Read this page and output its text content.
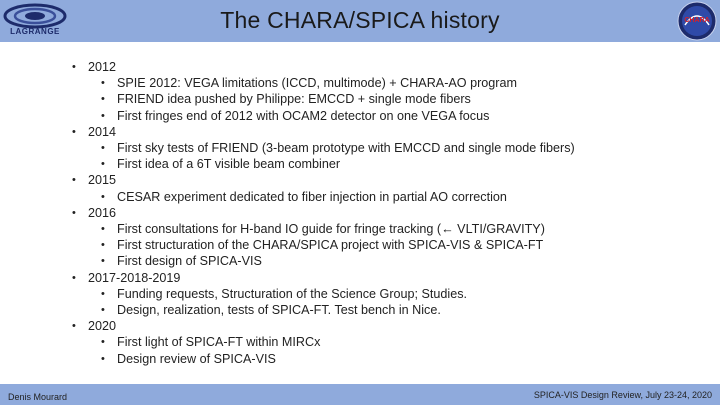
LAGRANGE	The CHARA/SPICA history	CHARA
• 2012
• SPIE 2012: VEGA limitations (ICCD, multimode) + CHARA-AO program
• FRIEND idea pushed by Philippe: EMCCD + single mode fibers
• First fringes end of 2012 with OCAM2 detector on one VEGA focus
• 2014
• First sky tests of FRIEND (3-beam prototype with EMCCD and single mode fibers)
• First idea of a 6T visible beam combiner
• 2015
• CESAR experiment dedicated to fiber injection in partial AO correction
• 2016
• First consultations for H-band IO guide for fringe tracking (← VLTI/GRAVITY)
• First structuration of the CHARA/SPICA project with SPICA-VIS & SPICA-FT
• First design of SPICA-VIS
• 2017-2018-2019
• Funding requests, Structuration of the Science Group; Studies.
• Design, realization, tests of SPICA-FT. Test bench in Nice.
• 2020
• First light of SPICA-FT within MIRCx
• Design review of SPICA-VIS
Denis Mourard	SPICA-VIS Design Review, July 23-24, 2020
